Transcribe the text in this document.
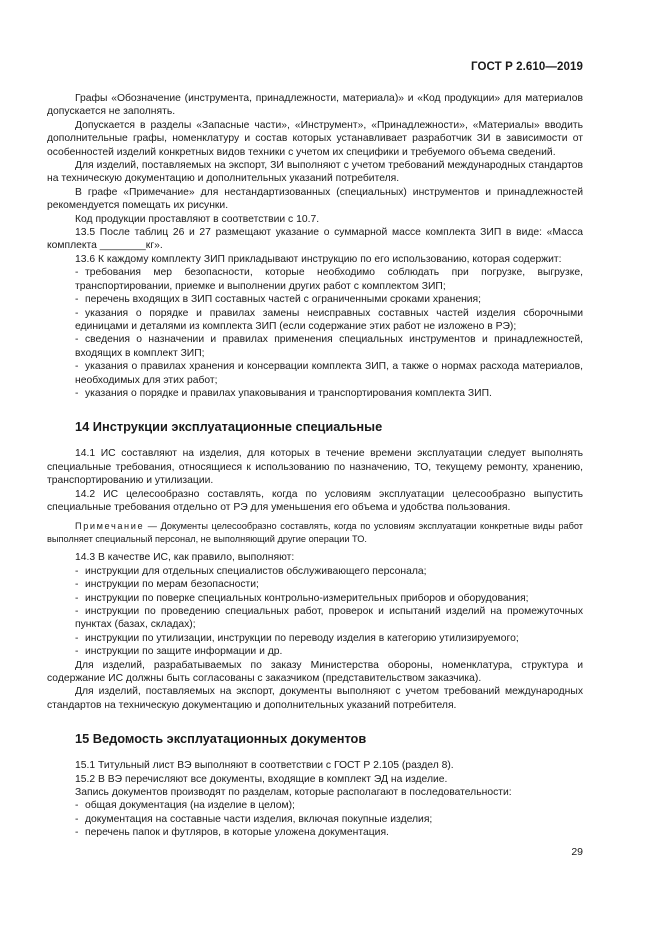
ГОСТ Р 2.610—2019

Графы «Обозначение (инструмента, принадлежности, материала)» и «Код продукции» для материалов допускается не заполнять.

Допускается в разделы «Запасные части», «Инструмент», «Принадлежности», «Материалы» вводить дополнительные графы, номенклатуру и состав которых устанавливает разработчик ЗИ в зависимости от особенностей изделий конкретных видов техники с учетом их специфики и требуемого объема сведений.

Для изделий, поставляемых на экспорт, ЗИ выполняют с учетом требований международных стандартов на техническую документацию и дополнительных указаний потребителя.

В графе «Примечание» для нестандартизованных (специальных) инструментов и принадлежностей рекомендуется помещать их рисунки.

Код продукции проставляют в соответствии с 10.7.

13.5 После таблиц 26 и 27 размещают указание о суммарной массе комплекта ЗИП в виде: «Масса комплекта ________кг».

13.6 К каждому комплекту ЗИП прикладывают инструкцию по его использованию, которая содержит:

- требования мер безопасности, которые необходимо соблюдать при погрузке, выгрузке, транспортировании, приемке и выполнении других работ с комплектом ЗИП;
- перечень входящих в ЗИП составных частей с ограниченными сроками хранения;
- указания о порядке и правилах замены неисправных составных частей изделия сборочными единицами и деталями из комплекта ЗИП (если содержание этих работ не изложено в РЭ);
- сведения о назначении и правилах применения специальных инструментов и принадлежностей, входящих в комплект ЗИП;
- указания о правилах хранения и консервации комплекта ЗИП, а также о нормах расхода материалов, необходимых для этих работ;
- указания о порядке и правилах упаковывания и транспортирования комплекта ЗИП.
14 Инструкции эксплуатационные специальные

14.1 ИС составляют на изделия, для которых в течение времени эксплуатации следует выполнять специальные требования, относящиеся к использованию по назначению, ТО, текущему ремонту, хранению, транспортированию и утилизации.

14.2 ИС целесообразно составлять, когда по условиям эксплуатации целесообразно выпустить специальные требования отдельно от РЭ для уменьшения его объема и удобства пользования.

Примечание — Документы целесообразно составлять, когда по условиям эксплуатации конкретные виды работ выполняет специальный персонал, не выполняющий другие операции ТО.

14.3 В качестве ИС, как правило, выполняют:

- инструкции для отдельных специалистов обслуживающего персонала;
- инструкции по мерам безопасности;
- инструкции по поверке специальных контрольно-измерительных приборов и оборудования;
- инструкции по проведению специальных работ, проверок и испытаний изделий на промежуточных пунктах (базах, складах);
- инструкции по утилизации, инструкции по переводу изделия в категорию утилизируемого;
- инструкции по защите информации и др.

Для изделий, разрабатываемых по заказу Министерства обороны, номенклатура, структура и содержание ИС должны быть согласованы с заказчиком (представительством заказчика).

Для изделий, поставляемых на экспорт, документы выполняют с учетом требований международных стандартов на техническую документацию и дополнительных указаний потребителя.

15 Ведомость эксплуатационных документов

15.1 Титульный лист ВЭ выполняют в соответствии с ГОСТ Р 2.105 (раздел 8).

15.2 В ВЭ перечисляют все документы, входящие в комплект ЭД на изделие.

Запись документов производят по разделам, которые располагают в последовательности:

- общая документация (на изделие в целом);
- документация на составные части изделия, включая покупные изделия;
- перечень папок и футляров, в которые уложена документация.
29
